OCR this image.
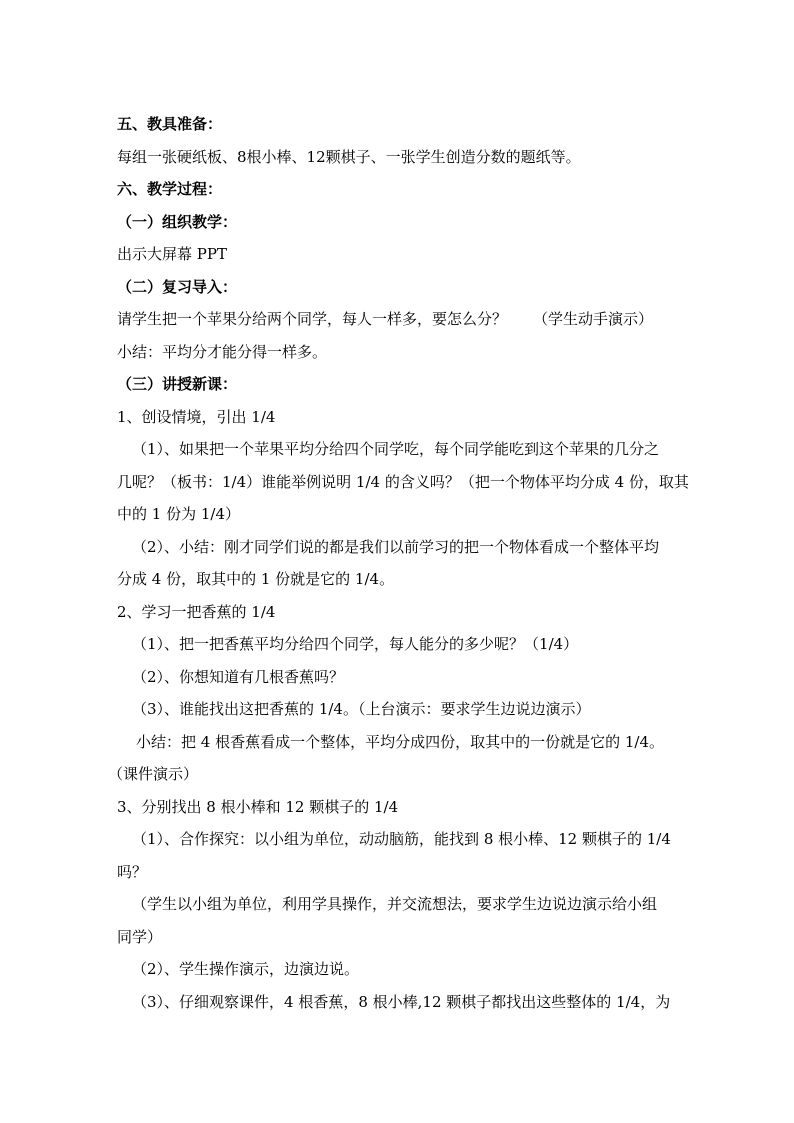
五、教具准备：
每组一张硬纸板、8根小棒、12颗棋子、一张学生创造分数的题纸等。
六、教学过程：
（一）组织教学：
出示大屏幕 PPT
（二）复习导入：
请学生把一个苹果分给两个同学，每人一样多，要怎么分？ （学生动手演示）
小结：平均分才能分得一样多。
（三）讲授新课：
1、创设情境，引出 1/4
（1）、如果把一个苹果平均分给四个同学吃，每个同学能吃到这个苹果的几分之
几呢？（板书：1/4）谁能举例说明 1/4 的含义吗？（把一个物体平均分成 4 份，取其
中的 1 份为 1/4）
（2）、小结：刚才同学们说的都是我们以前学习的把一个物体看成一个整体平均
分成 4 份，取其中的 1 份就是它的 1/4。
2、学习一把香蕉的 1/4
（1）、把一把香蕉平均分给四个同学，每人能分的多少呢？（1/4）
（2）、你想知道有几根香蕉吗？
（3）、谁能找出这把香蕉的 1/4。（上台演示：要求学生边说边演示）
小结：把 4 根香蕉看成一个整体，平均分成四份，取其中的一份就是它的 1/4。
（课件演示）
3、分别找出 8 根小棒和 12 颗棋子的 1/4
（1）、合作探究：以小组为单位，动动脑筋，能找到 8 根小棒、12 颗棋子的 1/4
吗？
（学生以小组为单位，利用学具操作，并交流想法，要求学生边说边演示给小组
同学）
（2）、学生操作演示，边演边说。
（3）、仔细观察课件，4 根香蕉，8 根小棒,12 颗棋子都找出这些整体的 1/4，为
